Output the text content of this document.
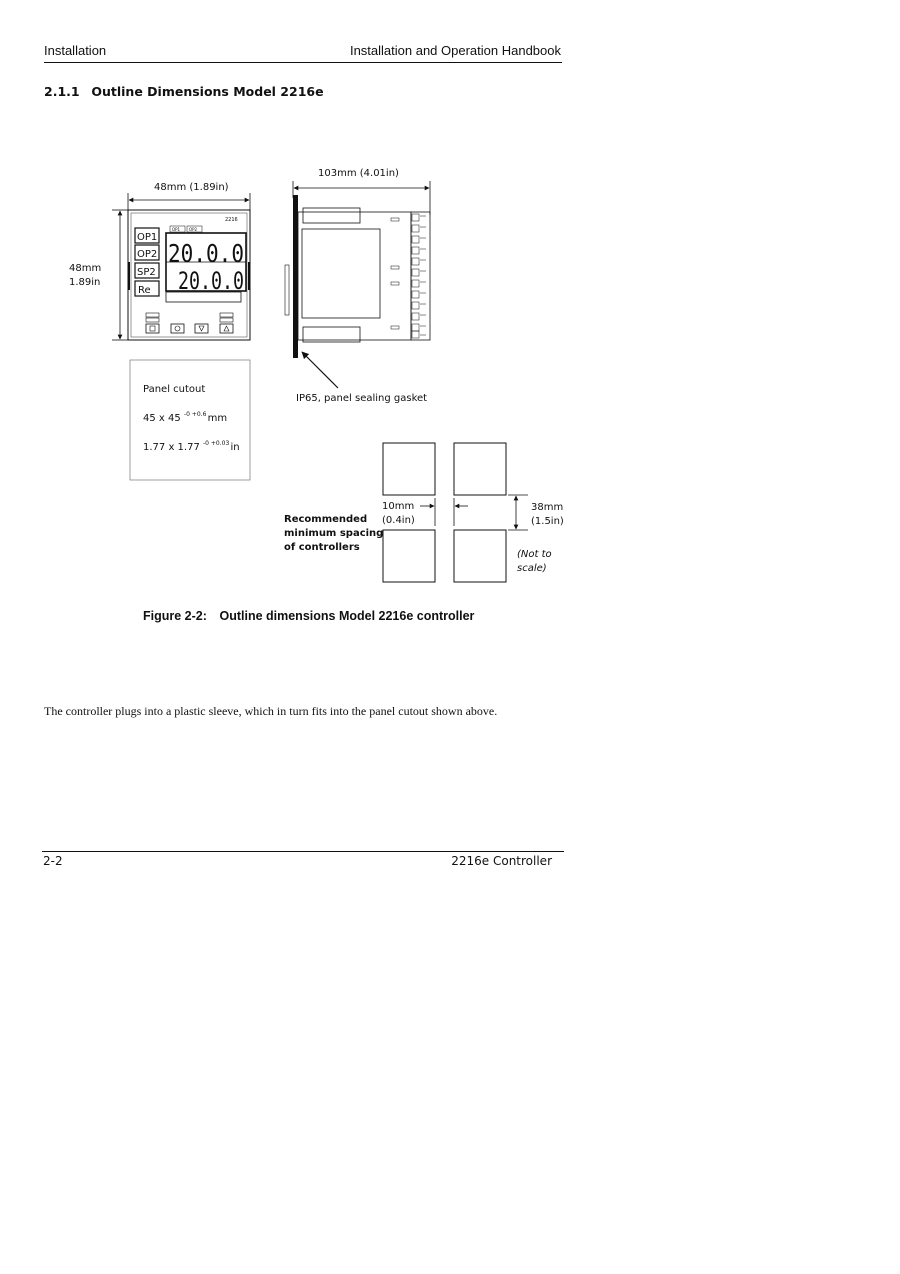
Installation	Installation and Operation Handbook
2.1.1 Outline Dimensions Model 2216e
48mm (1.89in)
48mm
1.89in
2216
OP1 OP2
OP1
OP2
SP2
Re
20.0.0
20.0.0
103mm (4.01in)
IP65, panel sealing gasket
Panel cutout
45 x 45 $^{-0 +0.6}$ mm
1.77 x 1.77 $^{-0 +0.03}$ in
10mm
(0.4in)
38mm
(1.5in)
Recommended
minimum spacing
of controllers
(Not to
scale)
Figure 2-2: Outline dimensions Model 2216e controller
The controller plugs into a plastic sleeve, which in turn fits into the panel cutout shown above.
2-2	2216e Controller
